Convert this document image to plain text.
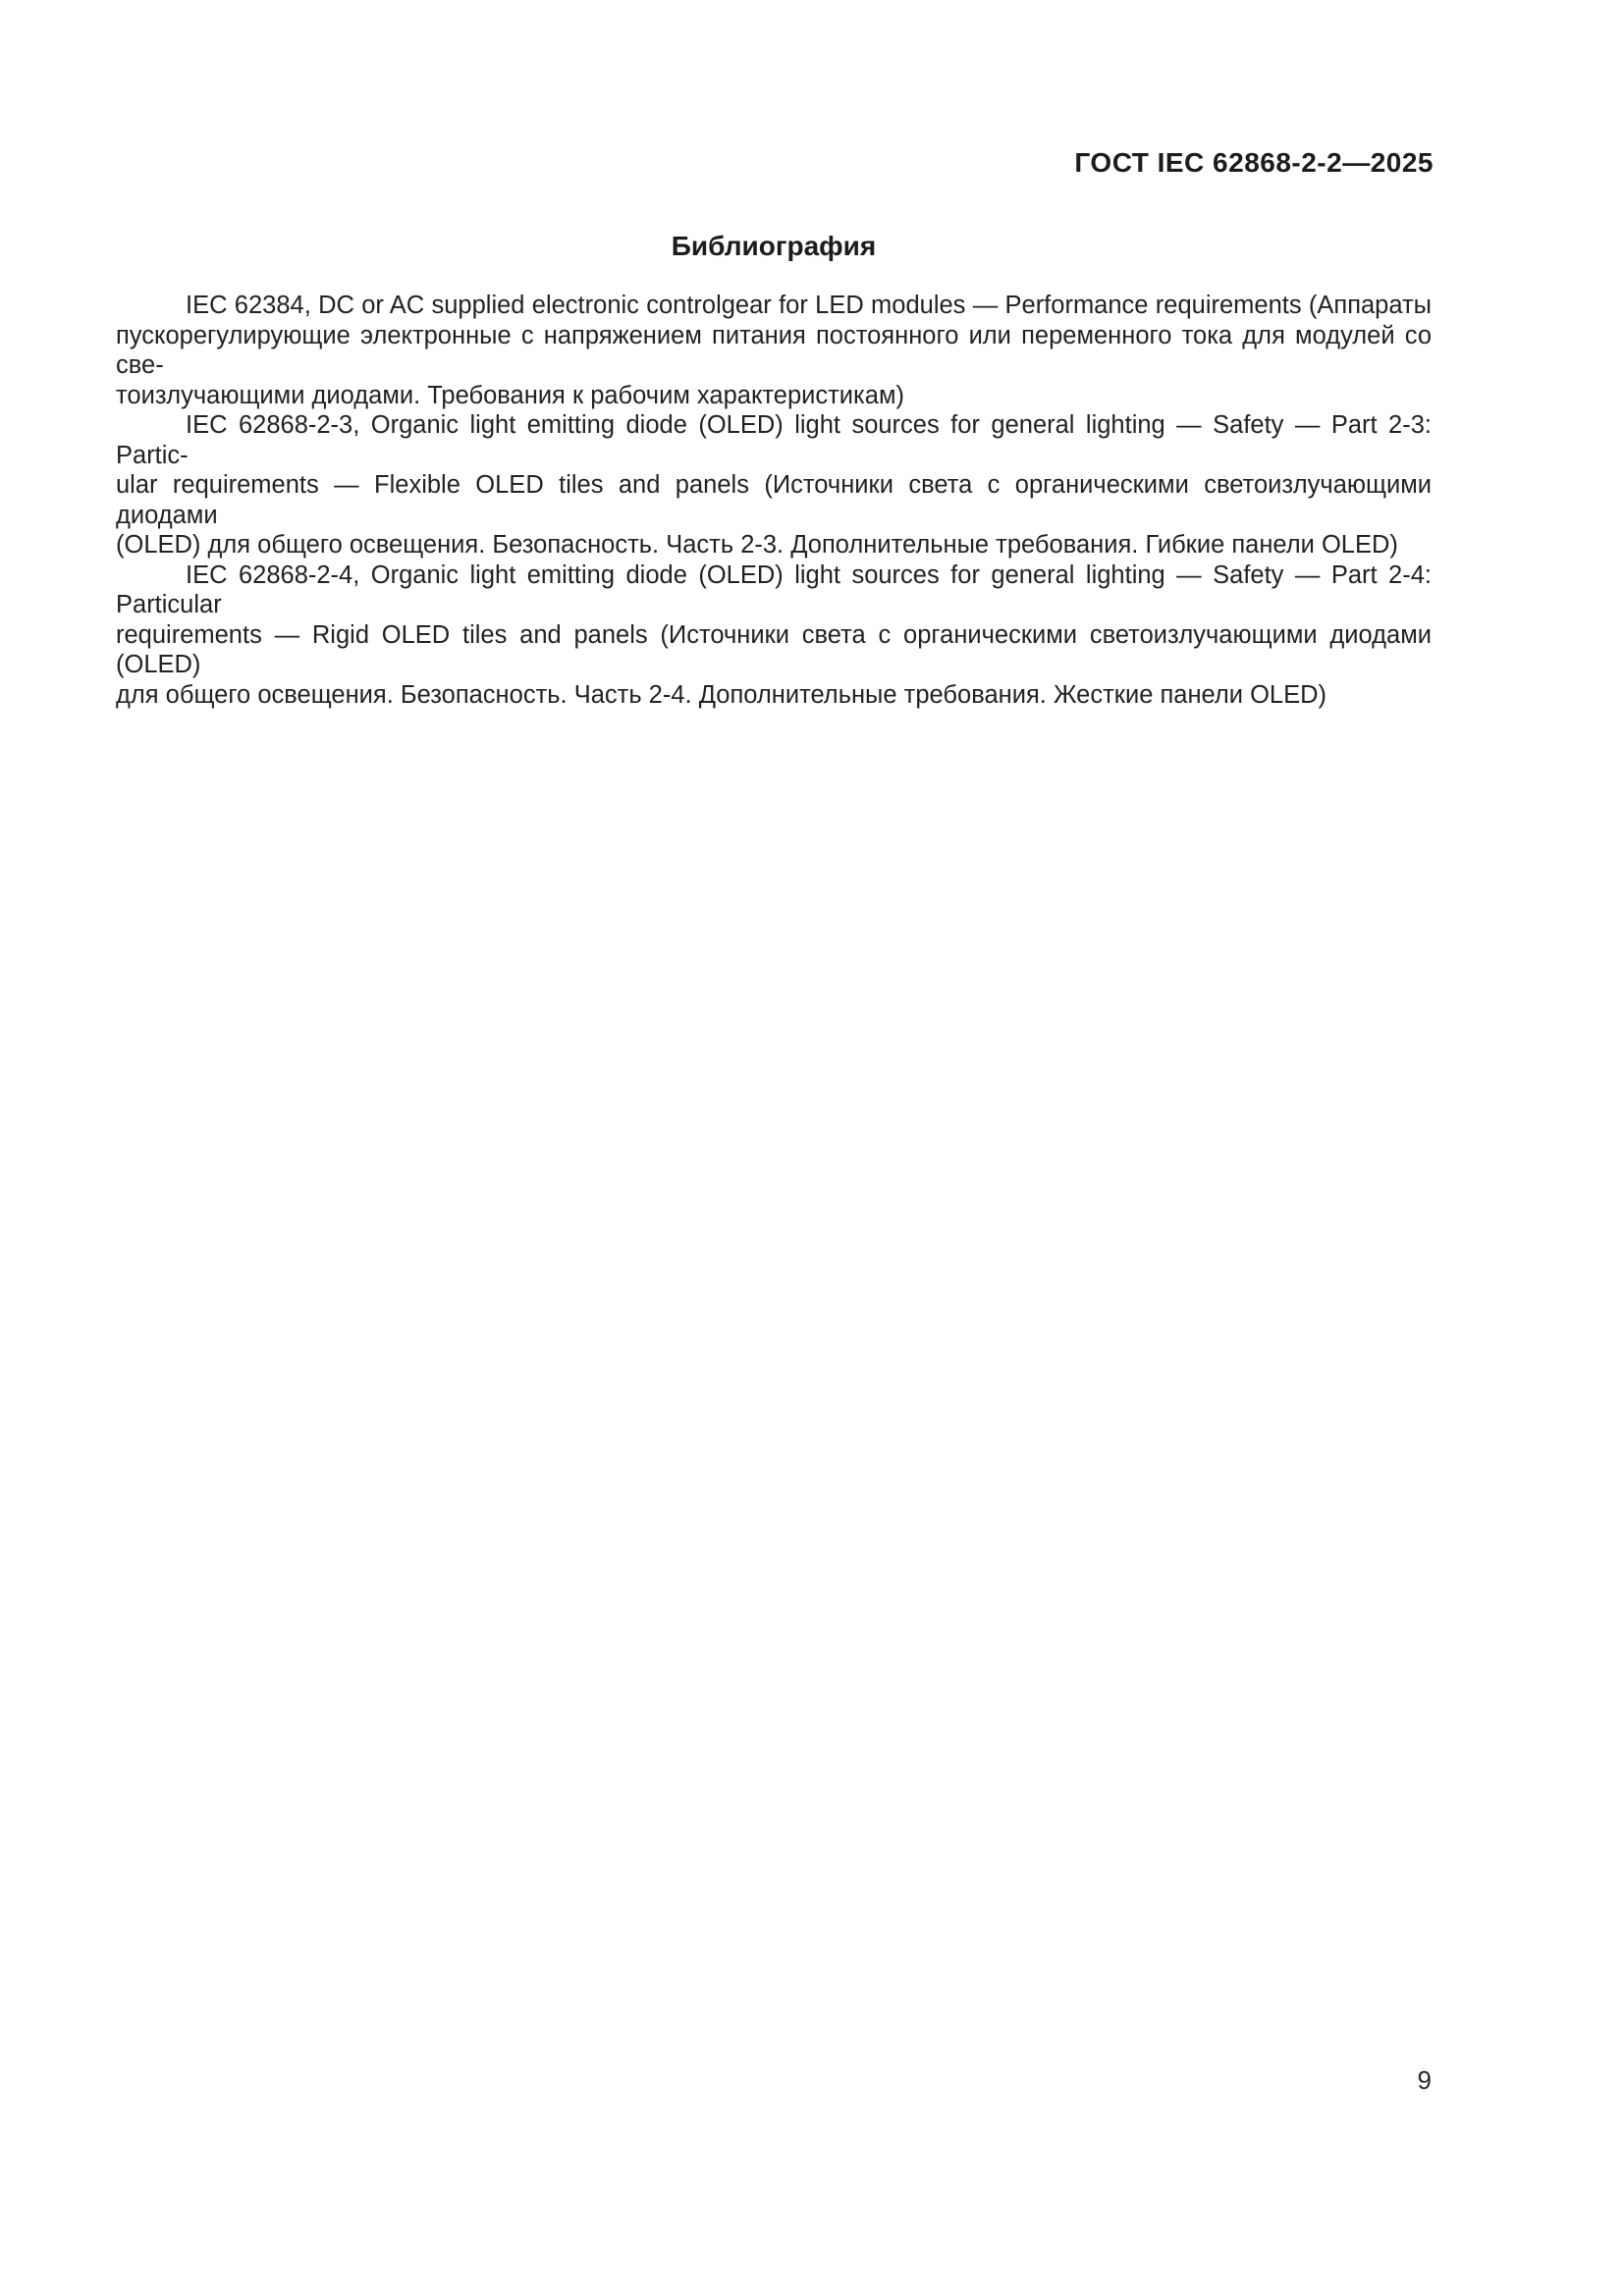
ГОСТ IEC 62868-2-2—2025
Библиография
IEC 62384, DC or AC supplied electronic controlgear for LED modules — Performance requirements (Аппараты
пускорегулирующие электронные с напряжением питания постоянного или переменного тока для модулей со све-
тоизлучающими диодами. Требования к рабочим характеристикам)
IEC 62868-2-3, Organic light emitting diode (OLED) light sources for general lighting — Safety — Part 2-3: Partic-
ular requirements — Flexible OLED tiles and panels (Источники света с органическими светоизлучающими диодами
(OLED) для общего освещения. Безопасность. Часть 2-3. Дополнительные требования. Гибкие панели OLED)
IEC 62868-2-4, Organic light emitting diode (OLED) light sources for general lighting — Safety — Part 2-4: Particular
requirements — Rigid OLED tiles and panels (Источники света с органическими светоизлучающими диодами (OLED)
для общего освещения. Безопасность. Часть 2-4. Дополнительные требования. Жесткие панели OLED)
9
